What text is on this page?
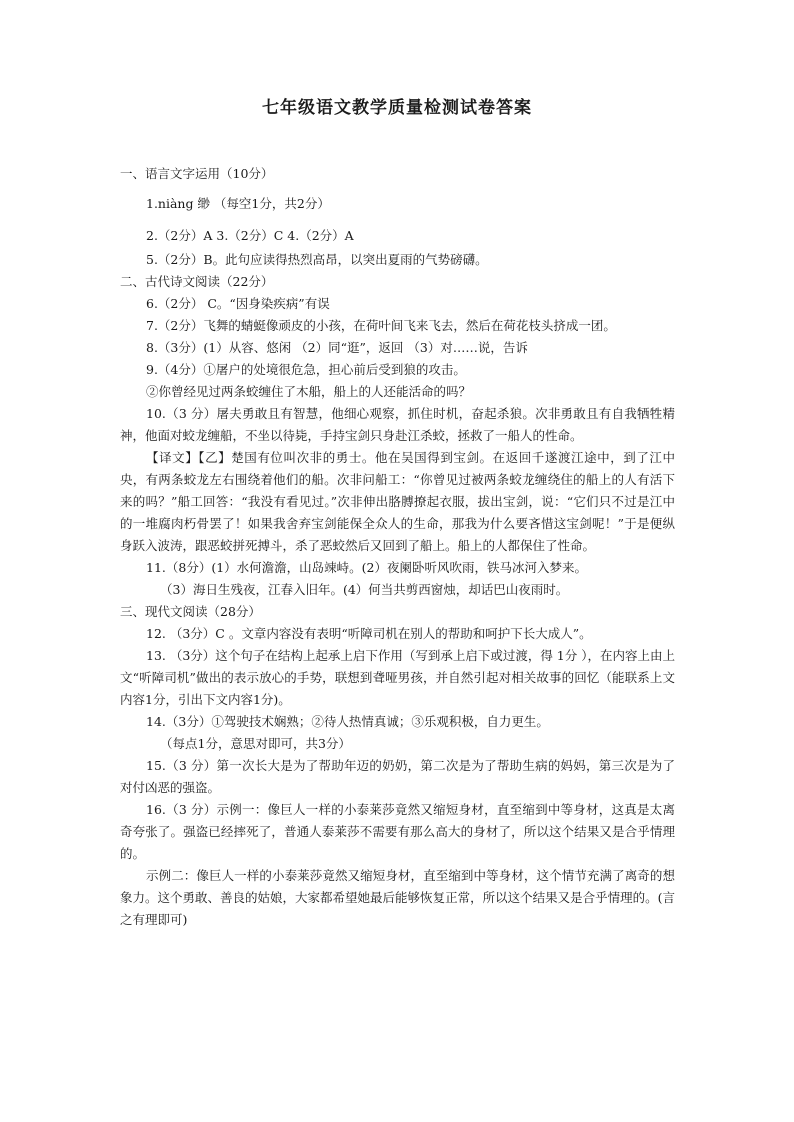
七年级语文教学质量检测试卷答案

一、语言文字运用（10分）

1.niàng 缈 （每空1分，共2分）

2.（2分）A 3.（2分）C 4.（2分）A

5.（2分）B。此句应读得热烈高昂，以突出夏雨的气势磅礴。

二、古代诗文阅读（22分）

6.（2分） C。“因身染疾病”有误

7.（2分）飞舞的蜻蜓像顽皮的小孩，在荷叶间飞来飞去，然后在荷花枝头挤成一团。

8.（3分）(1）从容、悠闲 （2）同“逛”，返回 （3）对……说，告诉

9.（4分）①屠户的处境很危急，担心前后受到狼的攻击。

②你曾经见过两条蛟缠住了木船，船上的人还能活命的吗？

10.（3 分）屠夫勇敢且有智慧，他细心观察，抓住时机，奋起杀狼。次非勇敢且有自我牺牲精神，他面对蛟龙缠船，不坐以待毙，手持宝剑只身赴江杀蛟，拯救了一船人的性命。

【译文】【乙】楚国有位叫次非的勇士。他在吴国得到宝剑。在返回千遂渡江途中，到了江中央，有两条蛟龙左右围绕着他们的船。次非问船工：“你曾见过被两条蛟龙缠绕住的船上的人有活下来的吗？”船工回答：“我没有看见过。”次非伸出胳膊撩起衣服，拔出宝剑，说：“它们只不过是江中的一堆腐肉朽骨罢了！如果我舍弃宝剑能保全众人的生命，那我为什么要吝惜这宝剑呢！”于是便纵身跃入波涛，跟恶蛟拼死搏斗，杀了恶蛟然后又回到了船上。船上的人都保住了性命。

11.（8分）(1）水何澹澹，山岛竦峙。(2）夜阑卧听风吹雨，铁马冰河入梦来。

（3）海日生残夜，江春入旧年。(4）何当共剪西窗烛，却话巴山夜雨时。

三、现代文阅读（28分）

12. （3分）C 。文章内容没有表明“听障司机在别人的帮助和呵护下长大成人”。

13. （3分）这个句子在结构上起承上启下作用（写到承上启下或过渡，得 1分 ），在内容上由上文“听障司机”做出的表示放心的手势，联想到聋哑男孩，并自然引起对相关故事的回忆（能联系上文内容1分，引出下文内容1分)。

14.（3分）①驾驶技术娴熟；②待人热情真诚；③乐观积极，自力更生。

（每点1分，意思对即可，共3分）

15.（3 分）第一次长大是为了帮助年迈的奶奶，第二次是为了帮助生病的妈妈，第三次是为了对付凶恶的强盗。

16.（3 分）示例一：像巨人一样的小泰莱莎竟然又缩短身材，直至缩到中等身材，这真是太离奇夸张了。强盗已经摔死了，普通人泰莱莎不需要有那么高大的身材了，所以这个结果又是合乎情理的。

示例二：像巨人一样的小泰莱莎竟然又缩短身材，直至缩到中等身材，这个情节充满了离奇的想象力。这个勇敢、善良的姑娘，大家都希望她最后能够恢复正常，所以这个结果又是合乎情理的。(言之有理即可)
